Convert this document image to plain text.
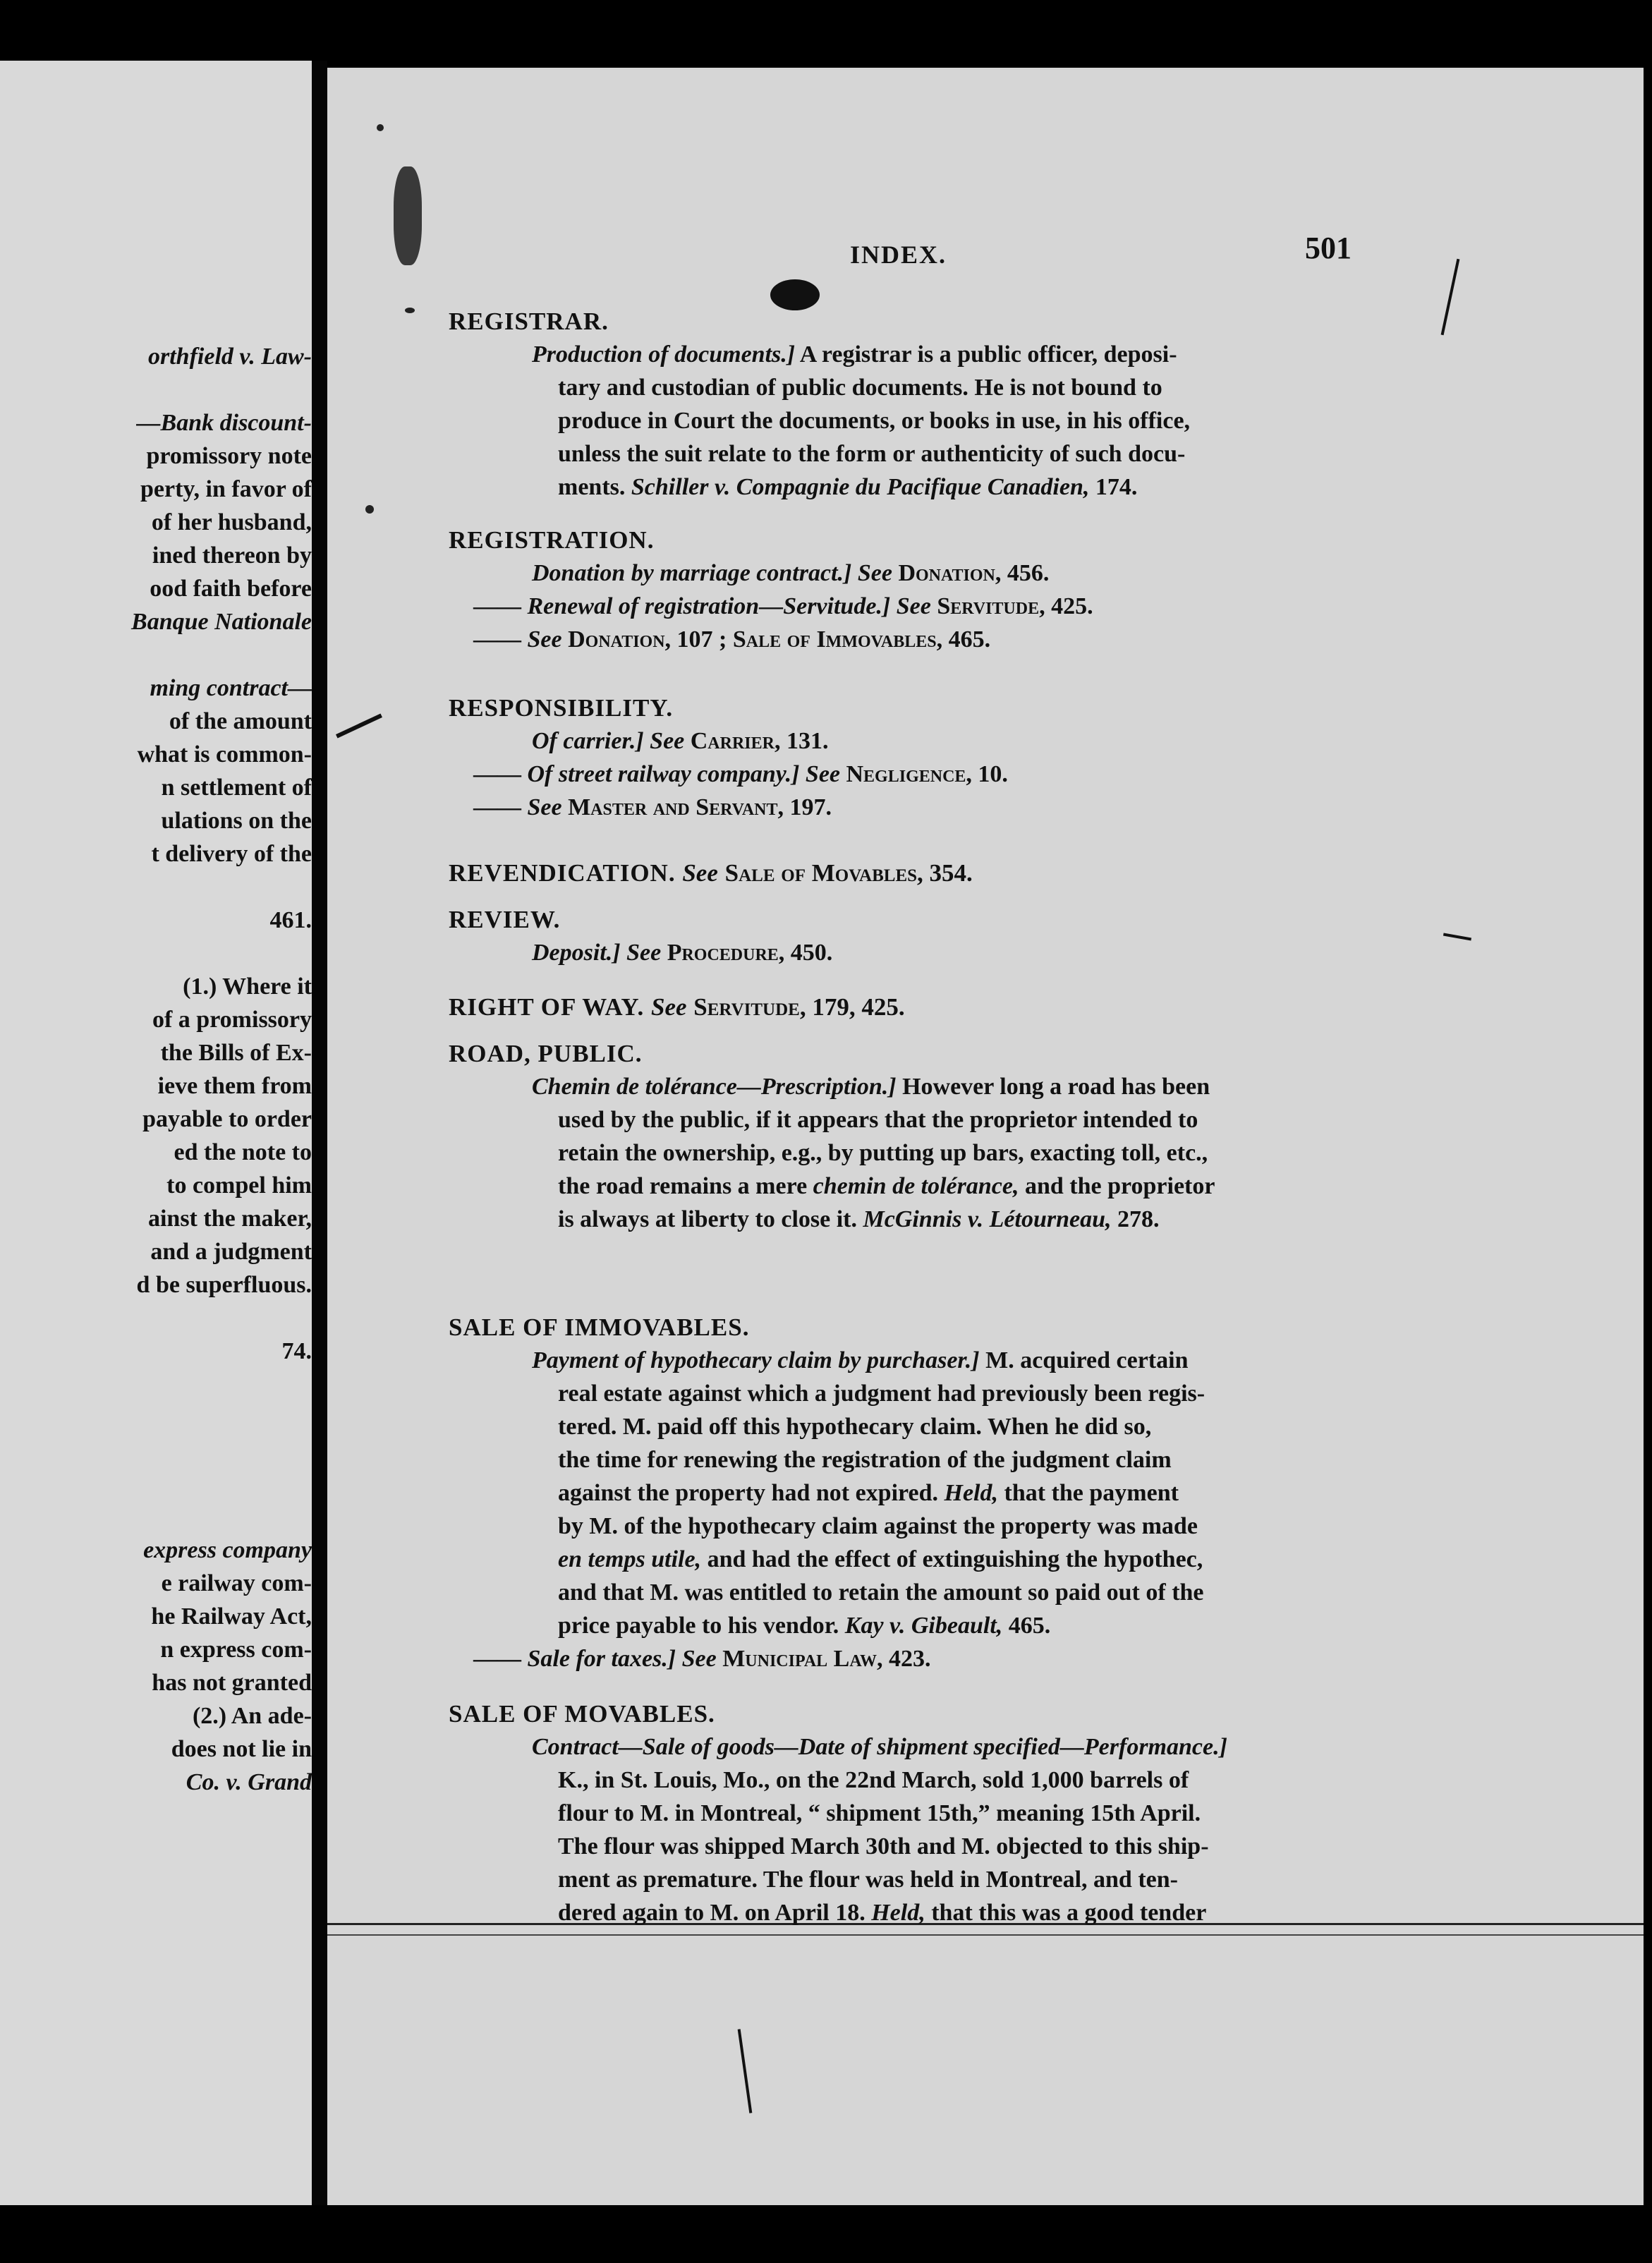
orthfield v. Law-
—Bank discount-
promissory note
perty, in favor of
of her husband,
ined thereon by
ood faith before
Banque Nationale
ming contract—
of the amount
what is common-
n settlement of
ulations on the
t delivery of the
461.
(1.) Where it
of a promissory
the Bills of Ex-
ieve them from
payable to order
ed the note to
to compel him
ainst the maker,
and a judgment
d be superfluous.
74.
express company
e railway com-
he Railway Act,
n express com-
has not granted
(2.) An ade-
does not lie in
Co. v. Grand
INDEX.	501
REGISTRAR.
Production of documents.] A registrar is a public officer, deposi-
tary and custodian of public documents. He is not bound to
produce in Court the documents, or books in use, in his office,
unless the suit relate to the form or authenticity of such docu-
ments. Schiller v. Compagnie du Pacifique Canadien, 174.
REGISTRATION.
Donation by marriage contract.] See Donation, 456.
—— Renewal of registration—Servitude.] See Servitude, 425.
—— See Donation, 107 ; Sale of Immovables, 465.
RESPONSIBILITY.
Of carrier.] See Carrier, 131.
—— Of street railway company.] See Negligence, 10.
—— See Master and Servant, 197.
REVENDICATION. See Sale of Movables, 354.
REVIEW.
Deposit.] See Procedure, 450.
RIGHT OF WAY. See Servitude, 179, 425.
ROAD, PUBLIC.
Chemin de tolérance—Prescription.] However long a road has been
used by the public, if it appears that the proprietor intended to
retain the ownership, e.g., by putting up bars, exacting toll, etc.,
the road remains a mere chemin de tolérance, and the proprietor
is always at liberty to close it. McGinnis v. Létourneau, 278.
SALE OF IMMOVABLES.
Payment of hypothecary claim by purchaser.] M. acquired certain
real estate against which a judgment had previously been regis-
tered. M. paid off this hypothecary claim. When he did so,
the time for renewing the registration of the judgment claim
against the property had not expired. Held, that the payment
by M. of the hypothecary claim against the property was made
en temps utile, and had the effect of extinguishing the hypothec,
and that M. was entitled to retain the amount so paid out of the
price payable to his vendor. Kay v. Gibeault, 465.
—— Sale for taxes.] See Municipal Law, 423.
SALE OF MOVABLES.
Contract—Sale of goods—Date of shipment specified—Performance.]
K., in St. Louis, Mo., on the 22nd March, sold 1,000 barrels of
flour to M. in Montreal, “ shipment 15th,” meaning 15th April.
The flour was shipped March 30th and M. objected to this ship-
ment as premature. The flour was held in Montreal, and ten-
dered again to M. on April 18. Held, that this was a good tender
